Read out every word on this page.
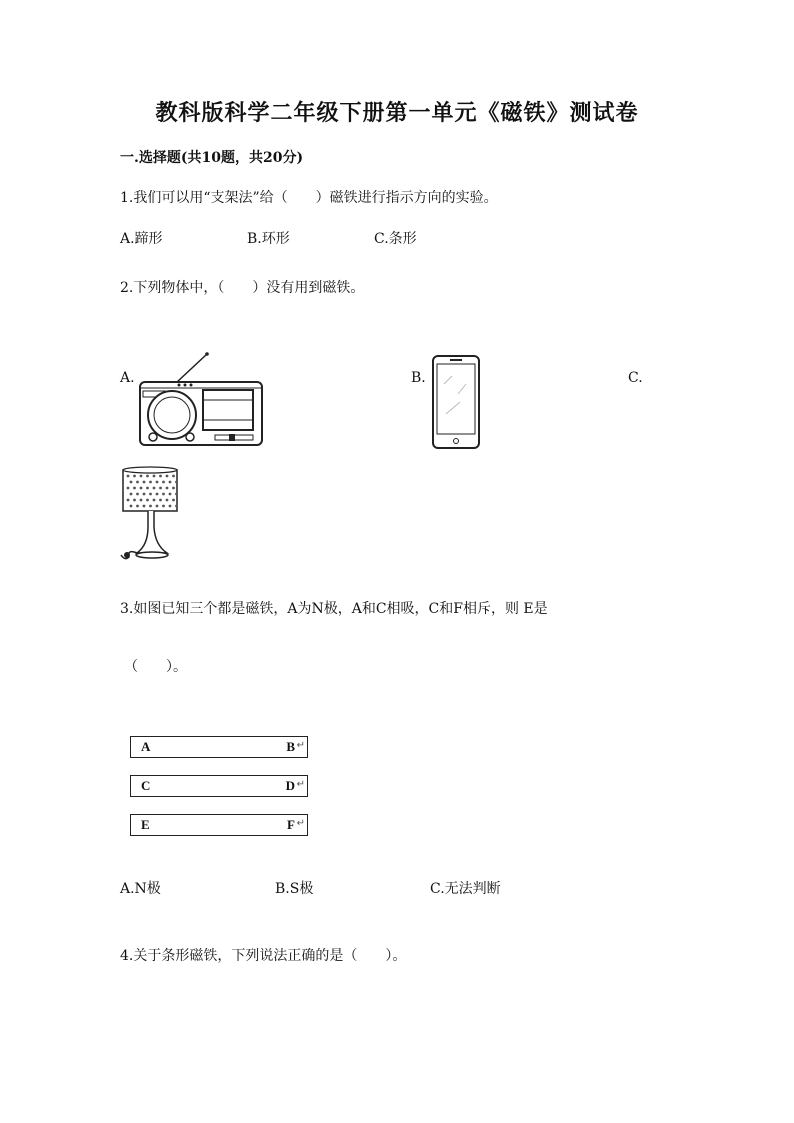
教科版科学二年级下册第一单元《磁铁》测试卷
一.选择题(共10题，共20分)
1.我们可以用“支架法”给（　　）磁铁进行指示方向的实验。
A.蹄形	B.环形	C.条形
2.下列物体中，（　　）没有用到磁铁。
A.	B.	C.
3.如图已知三个都是磁铁，A为N极，A和C相吸，C和F相斥，则 E是
（　　）。
A	B ↵
C	D ↵
E	F ↵
A.N极	B.S极	C.无法判断
4.关于条形磁铁，下列说法正确的是（　　）。
